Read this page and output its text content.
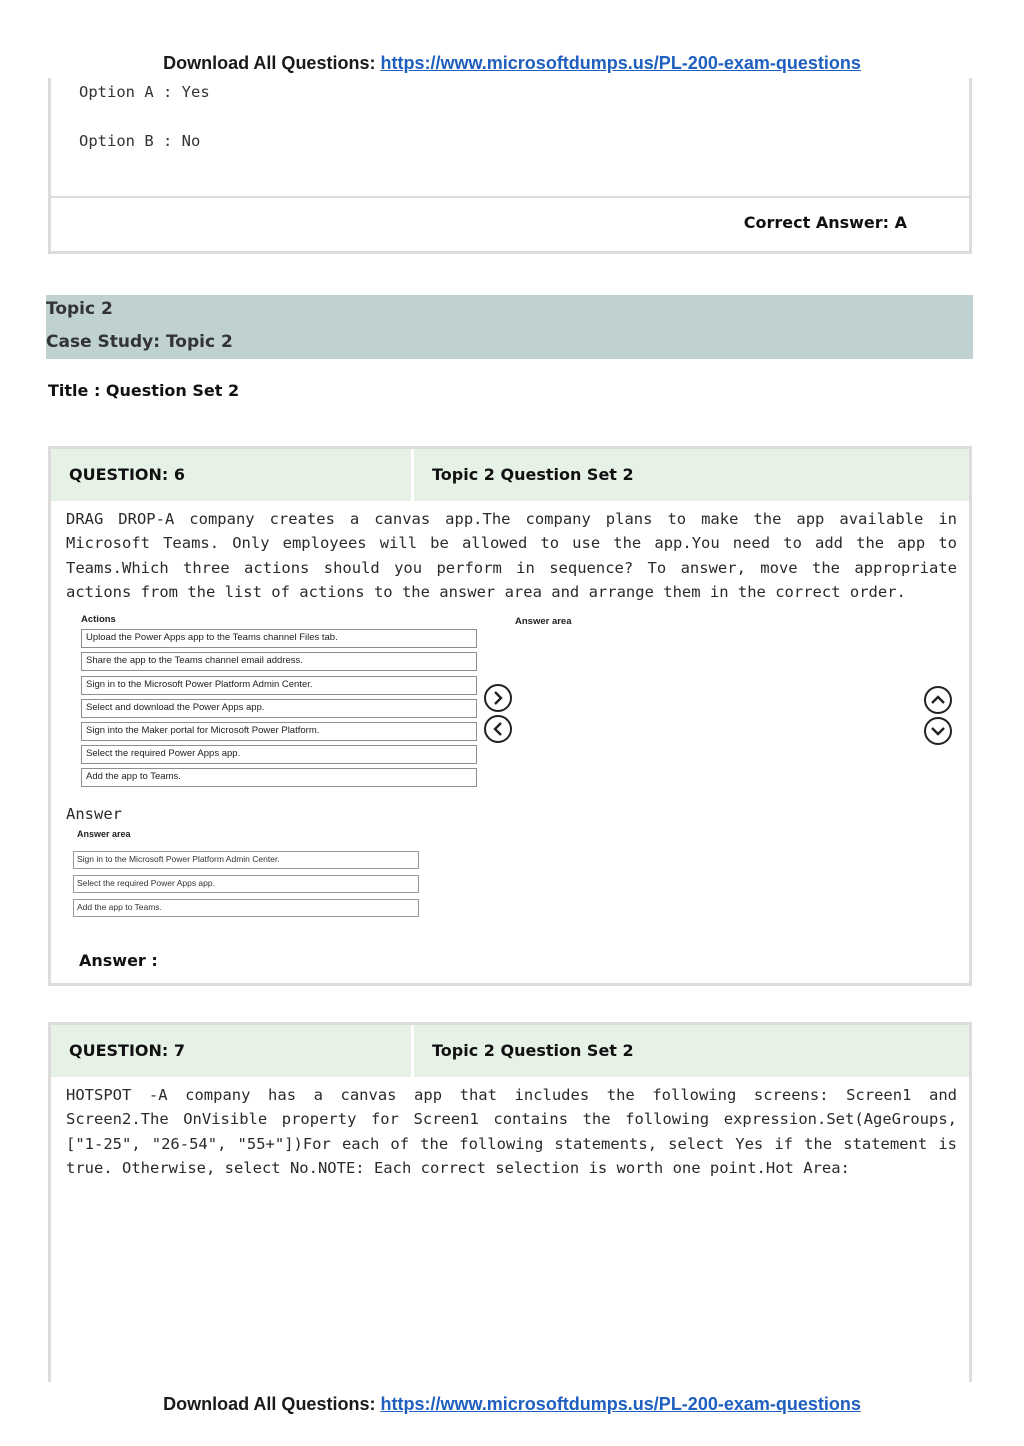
Download All Questions: https://www.microsoftdumps.us/PL-200-exam-questions
Option A : Yes
Option B : No
Correct Answer: A
Topic 2
Case Study: Topic 2
Title : Question Set 2
QUESTION: 6	Topic 2 Question Set 2
DRAG DROP-A company creates a canvas app.The company plans to make the app available in Microsoft Teams. Only employees will be allowed to use the app.You need to add the app to Teams.Which three actions should you perform in sequence? To answer, move the appropriate actions from the list of actions to the answer area and arrange them in the correct order.
Actions	Answer area
Upload the Power Apps app to the Teams channel Files tab.
Share the app to the Teams channel email address.
Sign in to the Microsoft Power Platform Admin Center.
Select and download the Power Apps app.
Sign into the Maker portal for Microsoft Power Platform.
Select the required Power Apps app.
Add the app to Teams.
Answer
Answer area
Sign in to the Microsoft Power Platform Admin Center.
Select the required Power Apps app.
Add the app to Teams.
Answer :
QUESTION: 7	Topic 2 Question Set 2
HOTSPOT -A company has a canvas app that includes the following screens: Screen1 and Screen2.The OnVisible property for Screen1 contains the following expression.Set(AgeGroups, ["1-25", "26-54", "55+"])For each of the following statements, select Yes if the statement is true. Otherwise, select No.NOTE: Each correct selection is worth one point.Hot Area:
Download All Questions: https://www.microsoftdumps.us/PL-200-exam-questions
